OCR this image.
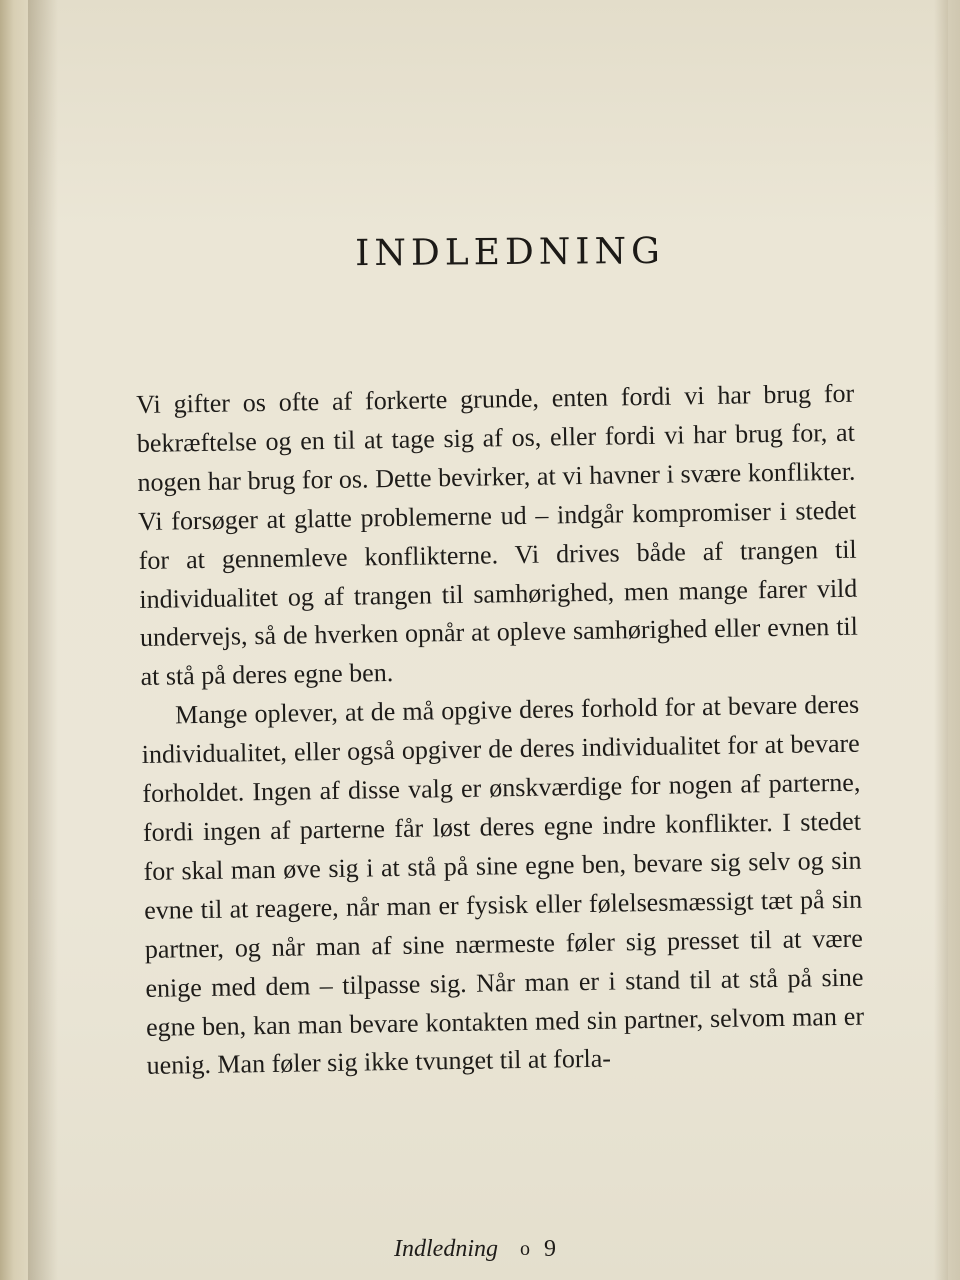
INDLEDNING

Vi gifter os ofte af forkerte grunde, enten fordi vi har brug for bekræftelse og en til at tage sig af os, eller fordi vi har brug for, at nogen har brug for os. Dette bevirker, at vi havner i svære konflikter. Vi forsøger at glatte problemerne ud – indgår kompromiser i stedet for at gennemleve konflikterne. Vi drives både af trangen til individualitet og af trangen til samhørighed, men mange farer vild undervejs, så de hverken opnår at opleve samhørighed eller evnen til at stå på deres egne ben.

Mange oplever, at de må opgive deres forhold for at bevare deres individualitet, eller også opgiver de deres individualitet for at bevare forholdet. Ingen af disse valg er ønskværdige for nogen af parterne, fordi ingen af parterne får løst deres egne indre konflikter. I stedet for skal man øve sig i at stå på sine egne ben, bevare sig selv og sin evne til at reagere, når man er fysisk eller følelsesmæssigt tæt på sin partner, og når man af sine nærmeste føler sig presset til at være enige med dem – tilpasse sig. Når man er i stand til at stå på sine egne ben, kan man bevare kontakten med sin partner, selvom man er uenig. Man føler sig ikke tvunget til at forla-

Indledning ο 9
